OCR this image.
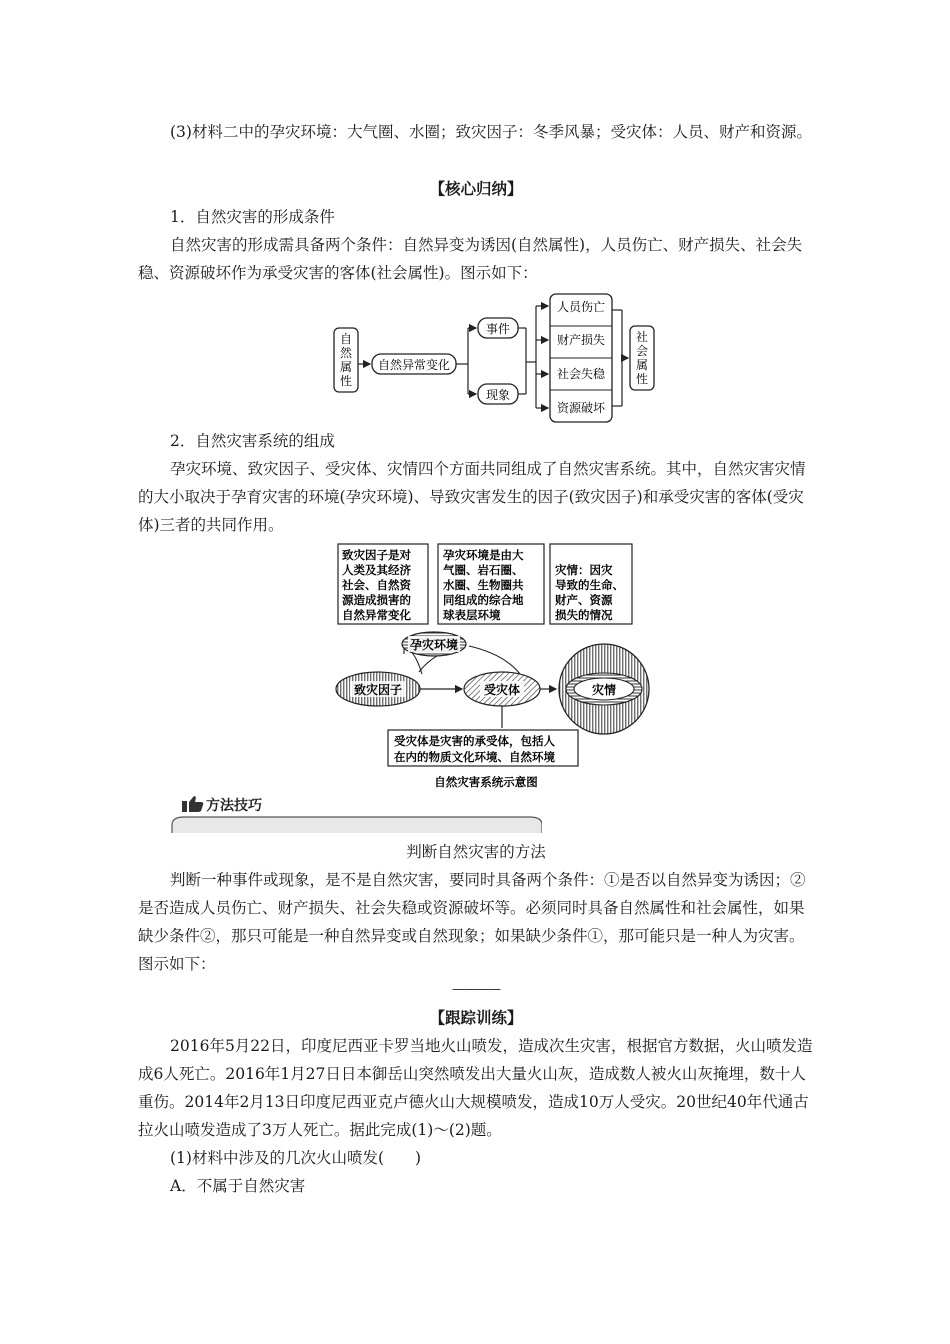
(3)材料二中的孕灾环境：大气圈、水圈；致灾因子：冬季风暴；受灾体：人员、财产和资源。

【核心归纳】

1．自然灾害的形成条件

自然灾害的形成需具备两个条件：自然异变为诱因(自然属性)，人员伤亡、财产损失、社会失稳、资源破坏作为承受灾害的客体(社会属性)。图示如下：

自
然
属
性
自然异常变化
事件
现象
人员伤亡
财产损失
社会失稳
资源破坏
社
会
属
性

2．自然灾害系统的组成

孕灾环境、致灾因子、受灾体、灾情四个方面共同组成了自然灾害系统。其中，自然灾害灾情的大小取决于孕育灾害的环境(孕灾环境)、导致灾害发生的因子(致灾因子)和承受灾害的客体(受灾体)三者的共同作用。

致灾因子是对
人类及其经济
社会、自然资
源造成损害的
自然异常变化
孕灾环境是由大
气圈、岩石圈、
水圈、生物圈共
同组成的综合地
球表层环境
灾情：因灾
导致的生命、
财产、资源
损失的情况
孕灾环境
致灾因子	受灾体	灾情
受灾体是灾害的承受体，包括人
在内的物质文化环境、自然环境
自然灾害系统示意图
方法技巧

判断自然灾害的方法

判断一种事件或现象，是不是自然灾害，要同时具备两个条件：①是否以自然异变为诱因；②是否造成人员伤亡、财产损失、社会失稳或资源破坏等。必须同时具备自然属性和社会属性，如果缺少条件②，那只可能是一种自然异变或自然现象；如果缺少条件①，那可能只是一种人为灾害。图示如下：

————

【跟踪训练】

2016年5月22日，印度尼西亚卡罗当地火山喷发，造成次生灾害，根据官方数据，火山喷发造成6人死亡。2016年1月27日日本御岳山突然喷发出大量火山灰，造成数人被火山灰掩埋，数十人重伤。2014年2月13日印度尼西亚克卢德火山大规模喷发，造成10万人受灾。20世纪40年代通古拉火山喷发造成了3万人死亡。据此完成(1)～(2)题。

(1)材料中涉及的几次火山喷发(　　)

A．不属于自然灾害
